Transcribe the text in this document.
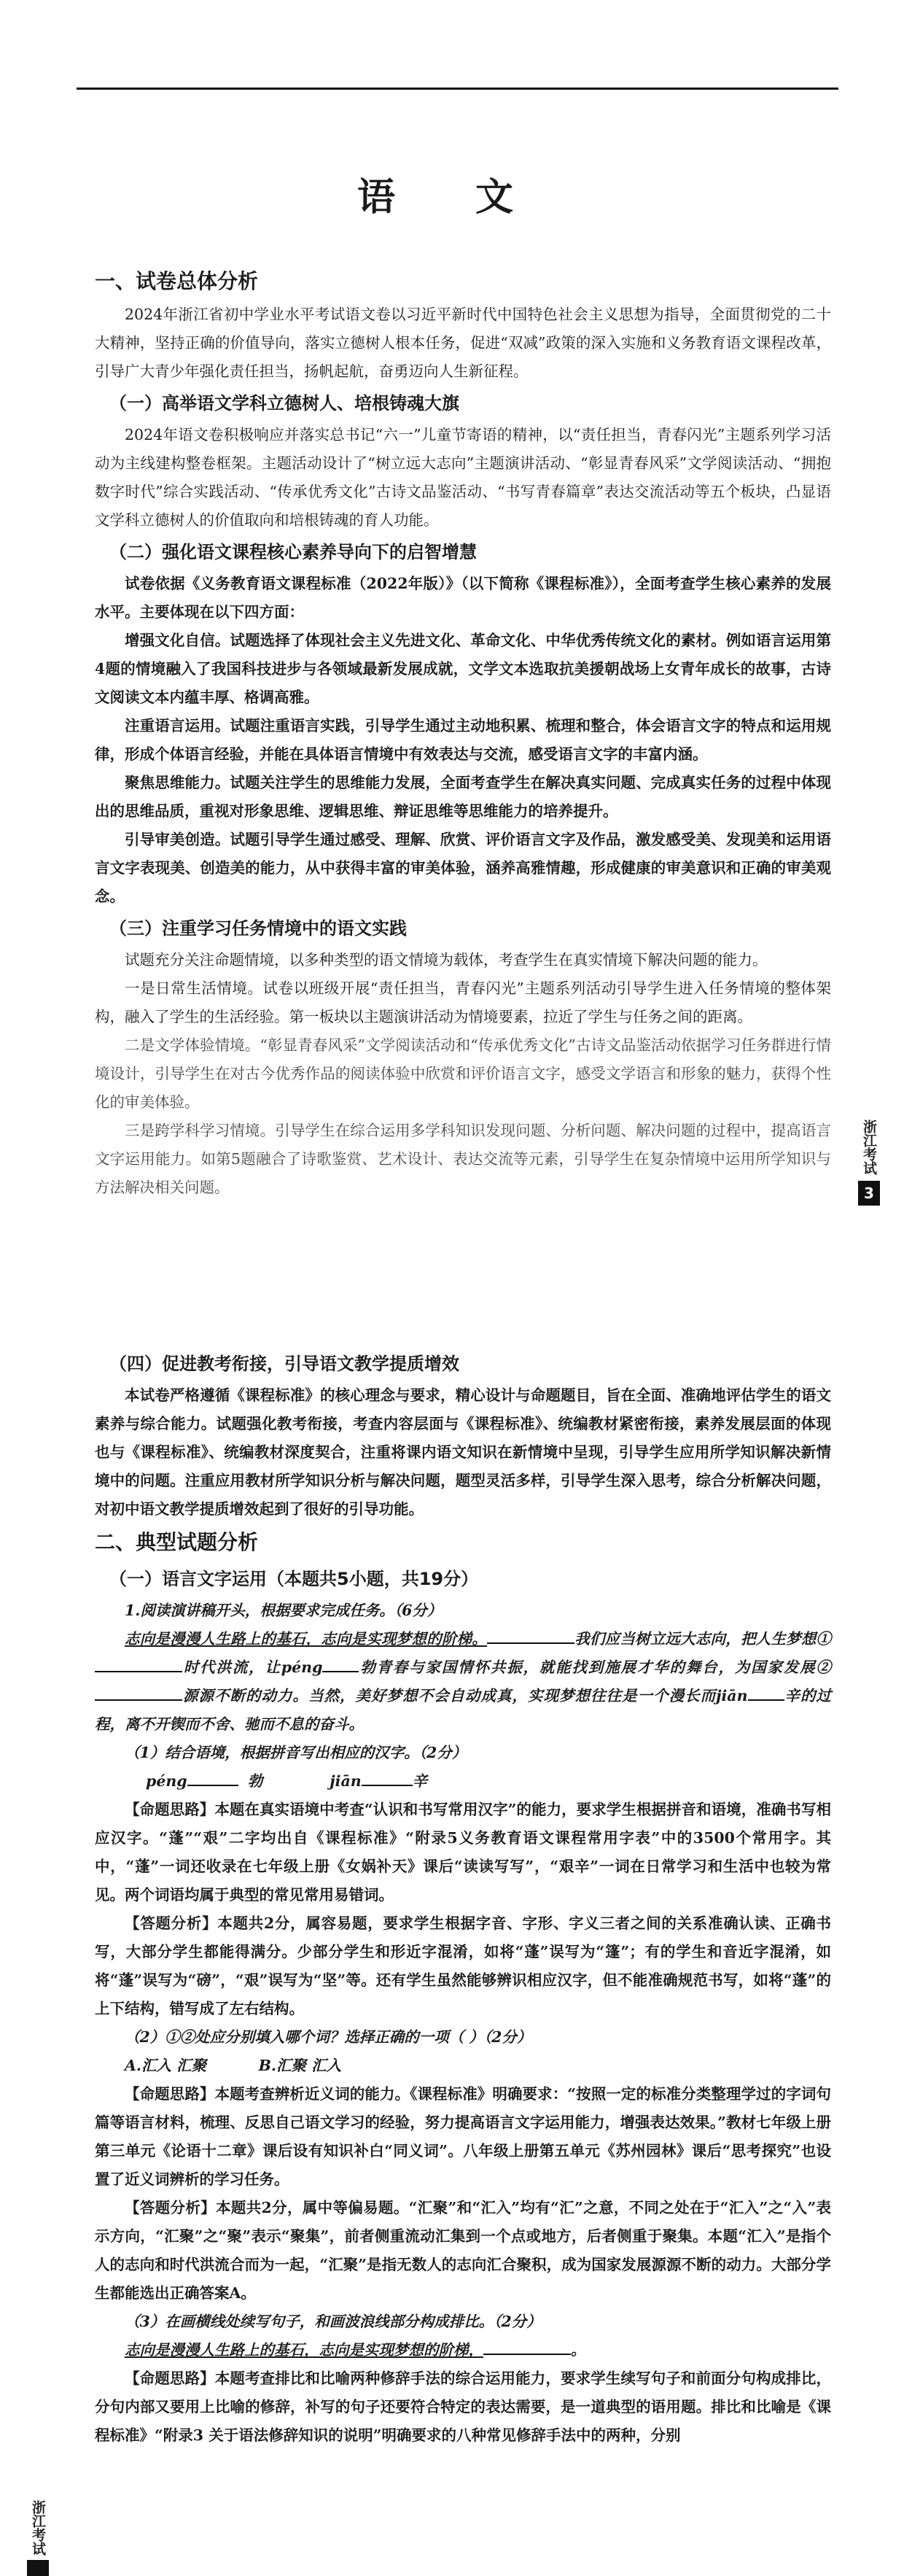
语 文
一、试卷总体分析

2024年浙江省初中学业水平考试语文卷以习近平新时代中国特色社会主义思想为指导，全面贯彻党的二十大精神，坚持正确的价值导向，落实立德树人根本任务，促进“双减”政策的深入实施和义务教育语文课程改革，引导广大青少年强化责任担当，扬帆起航，奋勇迈向人生新征程。

（一）高举语文学科立德树人、培根铸魂大旗

2024年语文卷积极响应并落实总书记“六一”儿童节寄语的精神，以“责任担当，青春闪光”主题系列学习活动为主线建构整卷框架。主题活动设计了“树立远大志向”主题演讲活动、“彰显青春风采”文学阅读活动、“拥抱数字时代”综合实践活动、“传承优秀文化”古诗文品鉴活动、“书写青春篇章”表达交流活动等五个板块，凸显语文学科立德树人的价值取向和培根铸魂的育人功能。

（二）强化语文课程核心素养导向下的启智增慧

试卷依据《义务教育语文课程标准（2022年版）》（以下简称《课程标准》），全面考查学生核心素养的发展水平。主要体现在以下四方面：

增强文化自信。试题选择了体现社会主义先进文化、革命文化、中华优秀传统文化的素材。例如语言运用第4题的情境融入了我国科技进步与各领域最新发展成就，文学文本选取抗美援朝战场上女青年成长的故事，古诗文阅读文本内蕴丰厚、格调高雅。

注重语言运用。试题注重语言实践，引导学生通过主动地积累、梳理和整合，体会语言文字的特点和运用规律，形成个体语言经验，并能在具体语言情境中有效表达与交流，感受语言文字的丰富内涵。

聚焦思维能力。试题关注学生的思维能力发展，全面考查学生在解决真实问题、完成真实任务的过程中体现出的思维品质，重视对形象思维、逻辑思维、辩证思维等思维能力的培养提升。

引导审美创造。试题引导学生通过感受、理解、欣赏、评价语言文字及作品，激发感受美、发现美和运用语言文字表现美、创造美的能力，从中获得丰富的审美体验，涵养高雅情趣，形成健康的审美意识和正确的审美观念。

（三）注重学习任务情境中的语文实践

试题充分关注命题情境，以多种类型的语文情境为载体，考查学生在真实情境下解决问题的能力。

一是日常生活情境。试卷以班级开展“责任担当，青春闪光”主题系列活动引导学生进入任务情境的整体架构，融入了学生的生活经验。第一板块以主题演讲活动为情境要素，拉近了学生与任务之间的距离。

二是文学体验情境。“彰显青春风采”文学阅读活动和“传承优秀文化”古诗文品鉴活动依据学习任务群进行情境设计，引导学生在对古今优秀作品的阅读体验中欣赏和评价语言文字，感受文学语言和形象的魅力，获得个性化的审美体验。

三是跨学科学习情境。引导学生在综合运用多学科知识发现问题、分析问题、解决问题的过程中，提高语言文字运用能力。如第5题融合了诗歌鉴赏、艺术设计、表达交流等元素，引导学生在复杂情境中运用所学知识与方法解决相关问题。

浙江考试
3
（四）促进教考衔接，引导语文教学提质增效

本试卷严格遵循《课程标准》的核心理念与要求，精心设计与命题题目，旨在全面、准确地评估学生的语文素养与综合能力。试题强化教考衔接，考查内容层面与《课程标准》、统编教材紧密衔接，素养发展层面的体现也与《课程标准》、统编教材深度契合，注重将课内语文知识在新情境中呈现，引导学生应用所学知识解决新情境中的问题。注重应用教材所学知识分析与解决问题，题型灵活多样，引导学生深入思考，综合分析解决问题，对初中语文教学提质增效起到了很好的引导功能。

二、典型试题分析
（一）语言文字运用（本题共5小题，共19分）

1.阅读演讲稿开头，根据要求完成任务。（6分）

志向是漫漫人生路上的基石，志向是实现梦想的阶梯。	我们应当树立远大志向，把人生梦想①时代洪流，让péng 勃青春与家国情怀共振，就能找到施展才华的舞台，为国家发展②源源不断的动力。当然，美好梦想不会自动成真，实现梦想往往是一个漫长而jiān 辛的过程，离不开锲而不舍、驰而不息的奋斗。

（1）结合语境，根据拼音写出相应的汉字。（2分）

péng	勃	jiān	辛

【命题思路】本题在真实语境中考查“认识和书写常用汉字”的能力，要求学生根据拼音和语境，准确书写相应汉字。“蓬”“艰”二字均出自《课程标准》“附录5义务教育语文课程常用字表”中的3500个常用字。其中，“蓬”一词还收录在七年级上册《女娲补天》课后“读读写写”，“艰辛”一词在日常学习和生活中也较为常见。两个词语均属于典型的常见常用易错词。

【答题分析】本题共2分，属容易题，要求学生根据字音、字形、字义三者之间的关系准确认读、正确书写，大部分学生都能得满分。少部分学生和形近字混淆，如将“蓬”误写为“篷”；有的学生和音近字混淆，如将“蓬”误写为“磅”，“艰”误写为“坚”等。还有学生虽然能够辨识相应汉字，但不能准确规范书写，如将“蓬”的上下结构，错写成了左右结构。

（2）①②处应分别填入哪个词？选择正确的一项（ ）（2分）

A.汇入 汇聚	B.汇聚 汇入

【命题思路】本题考查辨析近义词的能力。《课程标准》明确要求：“按照一定的标准分类整理学过的字词句篇等语言材料，梳理、反思自己语文学习的经验，努力提高语言文字运用能力，增强表达效果。”教材七年级上册第三单元《论语十二章》课后设有知识补白“同义词”。八年级上册第五单元《苏州园林》课后“思考探究”也设置了近义词辨析的学习任务。

【答题分析】本题共2分，属中等偏易题。“汇聚”和“汇入”均有“汇”之意，不同之处在于“汇入”之“入”表示方向，“汇聚”之“聚”表示“聚集”，前者侧重流动汇集到一个点或地方，后者侧重于聚集。本题“汇入”是指个人的志向和时代洪流合而为一起，“汇聚”是指无数人的志向汇合聚积，成为国家发展源源不断的动力。大部分学生都能选出正确答案A。

（3）在画横线处续写句子，和画波浪线部分构成排比。（2分）

志向是漫漫人生路上的基石，志向是实现梦想的阶梯，	。

【命题思路】本题考查排比和比喻两种修辞手法的综合运用能力，要求学生续写句子和前面分句构成排比，分句内部又要用上比喻的修辞，补写的句子还要符合特定的表达需要，是一道典型的语用题。排比和比喻是《课程标准》“附录3 关于语法修辞知识的说明”明确要求的八种常见修辞手法中的两种，分别

浙江考试
